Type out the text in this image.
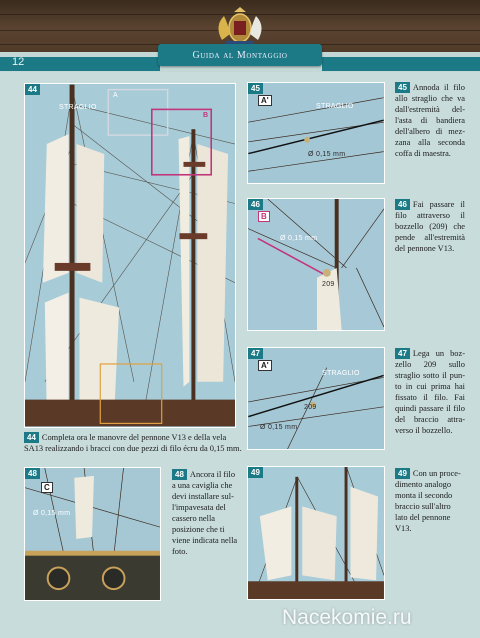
Guida al Montaggio
12
44
STRAGLIO
A
B
44 Completa ora le manovre del pennone V13 e della vela SA13 realizzando i bracci con due pezzi di filo écru da 0,15 mm.
45
A'
STRAGLIO
Ø 0,15 mm
45 Annoda il filo allo straglio che va dall'estremità del-l'asta di bandiera dell'albero di mez-zana alla seconda coffa di maestra.
46
B
Ø 0,15 mm
209
46 Fai passare il filo attraverso il bozzello (209) che pende all'estremità del pennone V13.
47
A'
STRAGLIO
209
Ø 0,15 mm
47 Lega un boz-zello 209 sullo straglio sotto il pun-to in cui prima hai fissato il filo. Fai quindi passare il filo del braccio attra-verso il bozzello.
48
C
Ø 0,15 mm
48 Ancora il filo a una caviglia che devi installare sul-l'impavesata del cassero nella posizione che ti viene indicata nella foto.
49	49 Con un proce-dimento analogo monta il secondo braccio sull'altro lato del pennone V13.
Nacekomie.ru
